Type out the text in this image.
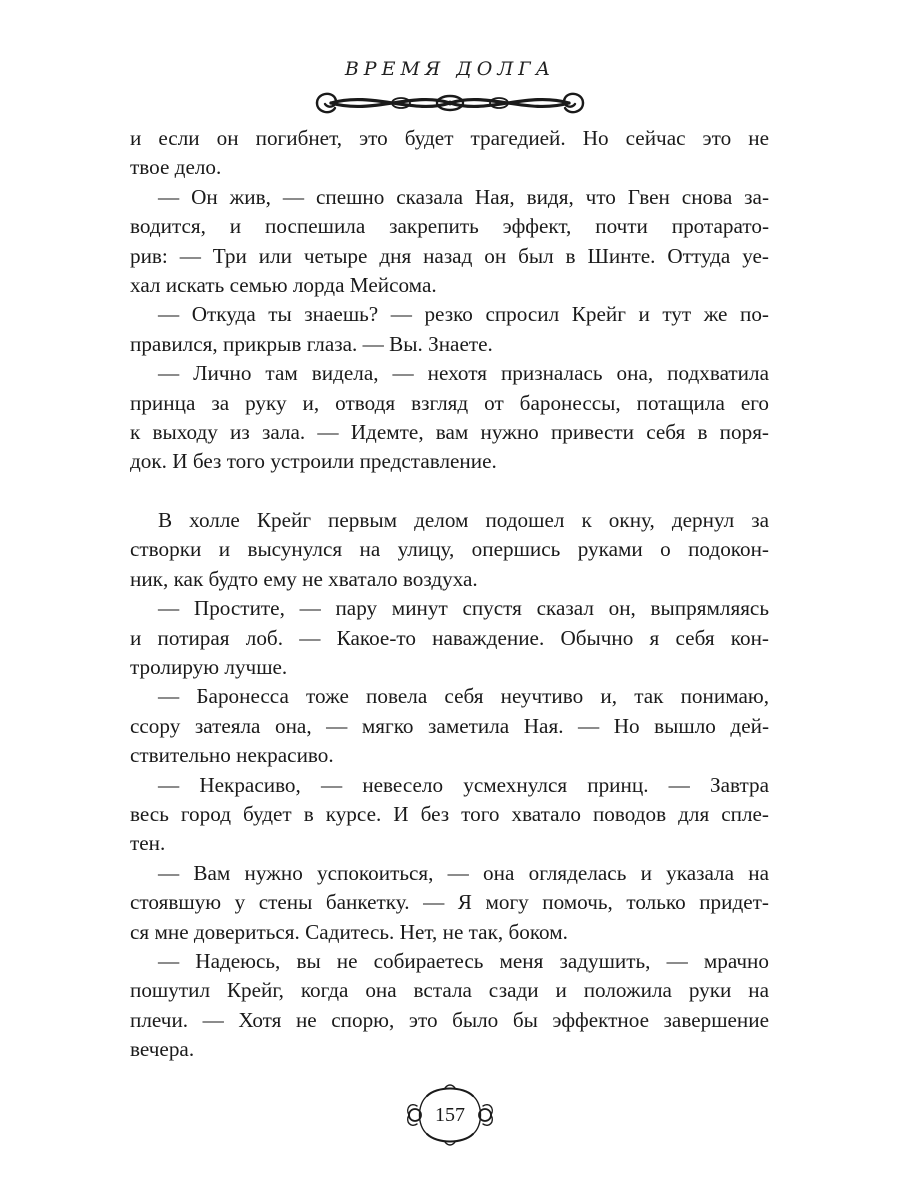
ВРЕМЯ ДОЛГА
и если он погибнет, это будет трагедией. Но сейчас это не
твое дело.
— Он жив, — спешно сказала Ная, видя, что Гвен снова за-
водится, и поспешила закрепить эффект, почти протарато-
рив: — Три или четыре дня назад он был в Шинте. Оттуда уе-
хал искать семью лорда Мейсома.
— Откуда ты знаешь? — резко спросил Крейг и тут же по-
правился, прикрыв глаза. — Вы. Знаете.
— Лично там видела, — нехотя призналась она, подхватила
принца за руку и, отводя взгляд от баронессы, потащила его
к выходу из зала. — Идемте, вам нужно привести себя в поря-
док. И без того устроили представление.
В холле Крейг первым делом подошел к окну, дернул за
створки и высунулся на улицу, опершись руками о подокон-
ник, как будто ему не хватало воздуха.
— Простите, — пару минут спустя сказал он, выпрямляясь
и потирая лоб. — Какое-то наваждение. Обычно я себя кон-
тролирую лучше.
— Баронесса тоже повела себя неучтиво и, так понимаю,
ссору затеяла она, — мягко заметила Ная. — Но вышло дей-
ствительно некрасиво.
— Некрасиво, — невесело усмехнулся принц. — Завтра
весь город будет в курсе. И без того хватало поводов для спле-
тен.
— Вам нужно успокоиться, — она огляделась и указала на
стоявшую у стены банкетку. — Я могу помочь, только придет-
ся мне довериться. Садитесь. Нет, не так, боком.
— Надеюсь, вы не собираетесь меня задушить, — мрачно
пошутил Крейг, когда она встала сзади и положила руки на
плечи. — Хотя не спорю, это было бы эффектное завершение
вечера.
157
